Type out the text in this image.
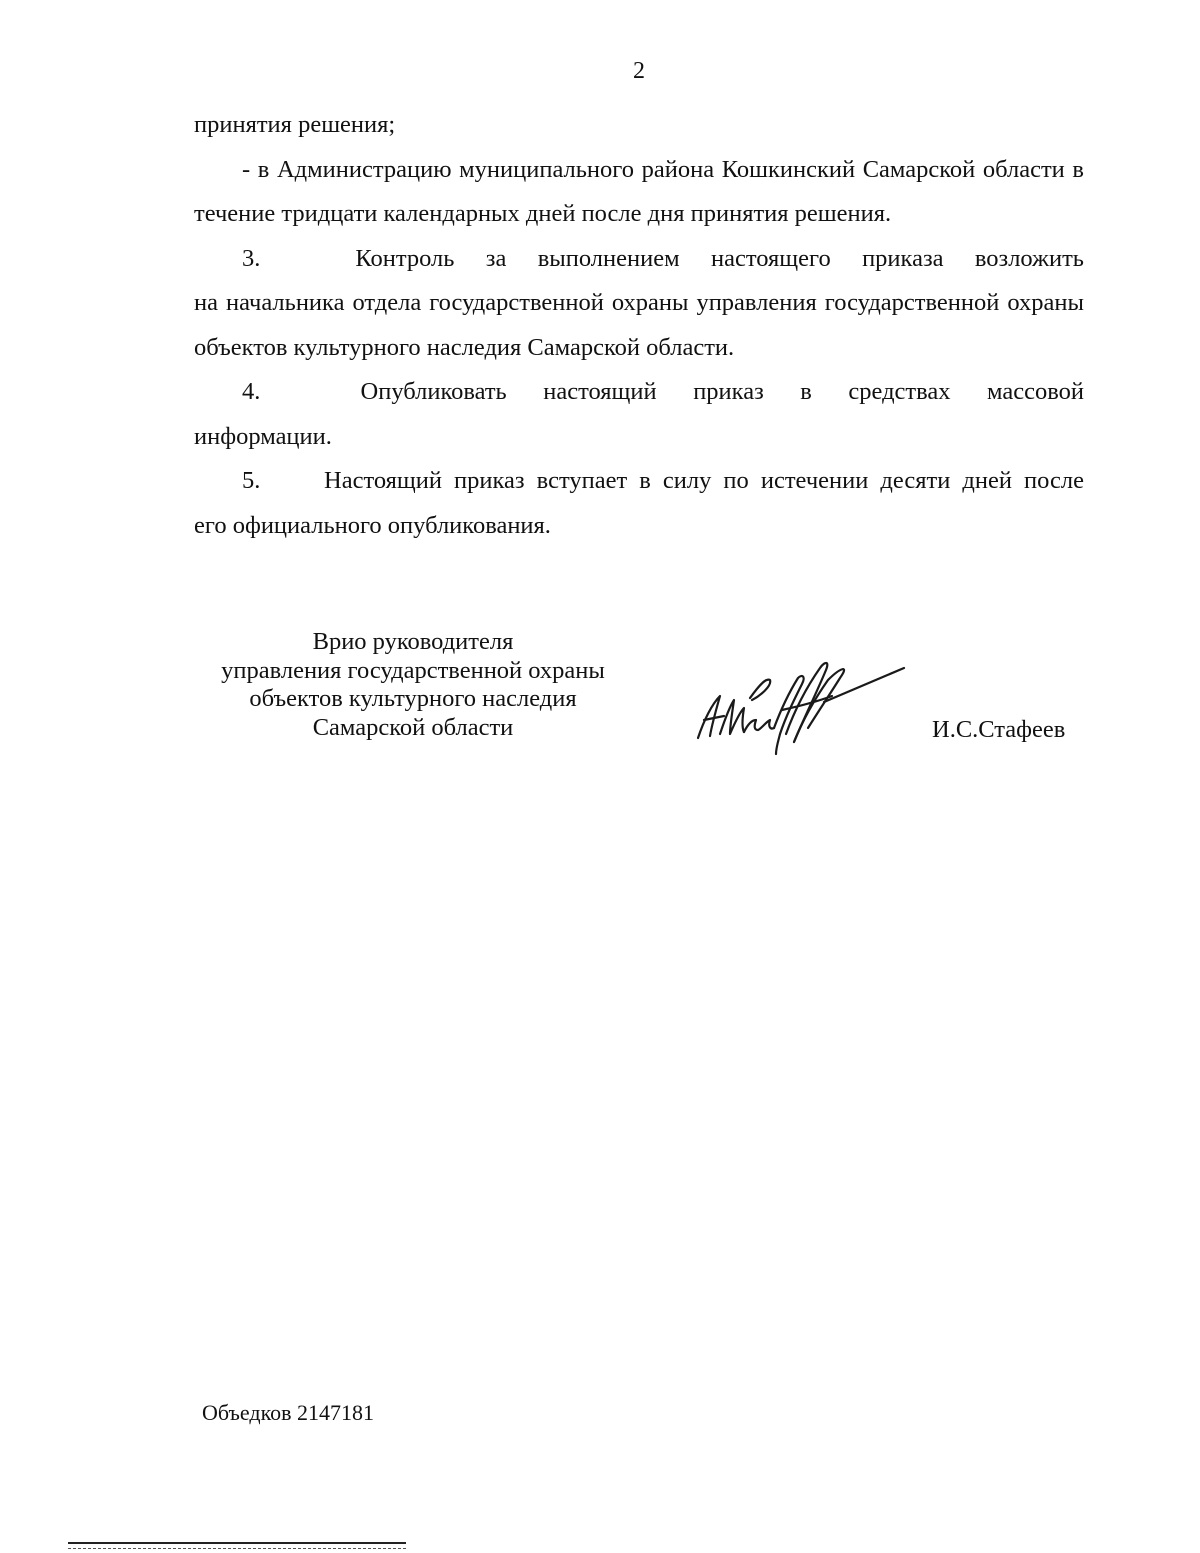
2

принятия решения;

- в Администрацию муниципального района Кошкинский Самарской области в течение тридцати календарных дней после дня принятия решения.

3.	Контроль за выполнением настоящего приказа возложить

на начальника отдела государственной охраны управления государственной охраны объектов культурного наследия Самарской области.

4.	Опубликовать настоящий приказ в средствах массовой

информации.

5.	Настоящий приказ вступает в силу по истечении десяти дней после

его официального опубликования.

Врио руководителя
управления государственной охраны
объектов культурного наследия
Самарской области	И.С.Стафеев
Объедков 2147181
